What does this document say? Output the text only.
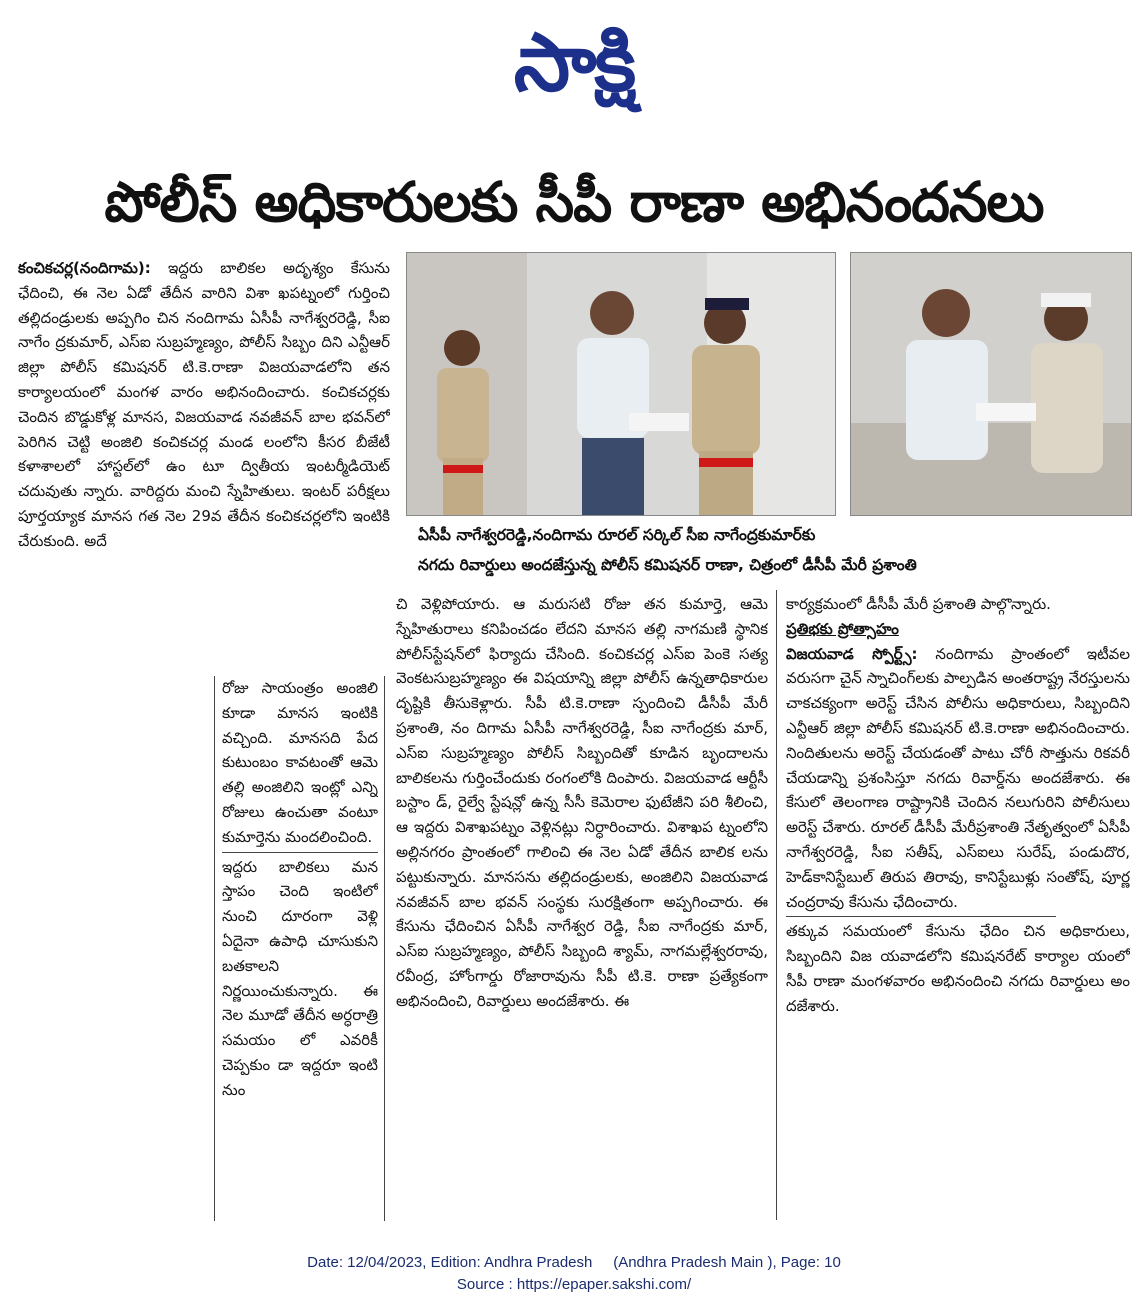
సాక్షి
పోలీస్ అధికారులకు సీపీ రాణా అభినందనలు
ఏసీపీ నాగేశ్వరరెడ్డి,నందిగామ రూరల్ సర్కిల్ సీఐ నాగేంద్రకుమార్‌కు
నగదు రివార్డులు అందజేస్తున్న పోలీస్ కమిషనర్ రాణా, చిత్రంలో డీసీపీ మేరీ ప్రశాంతి
కంచికచర్ల(నందిగామ): ఇద్దరు బాలికల అదృశ్యం కేసును ఛేదించి, ఈ నెల ఏడో తేదీన వారిని విశా ఖపట్నంలో గుర్తించి తల్లిదండ్రులకు అప్పగిం చిన నందిగామ ఏసీపీ నాగేశ్వరరెడ్డి, సీఐ నాగేం ద్రకుమార్, ఎస్ఐ సుబ్రహ్మణ్యం, పోలీస్ సిబ్బం దిని ఎన్టీఆర్ జిల్లా పోలీస్ కమిషనర్ టి.కె.రాణా విజయవాడలోని తన కార్యాలయంలో మంగళ వారం అభినందించారు. కంచికచర్లకు చెందిన బొడ్డుకోళ్ల మానస, విజయవాడ నవజీవన్ బాల భవన్‌లో పెరిగిన చెట్టి అంజిలి కంచికచర్ల మండ లంలోని కీసర బీజేటీ కళాశాలలో హాస్టల్‌లో ఉం టూ ద్వితీయ ఇంటర్మీడియెట్ చదువుతు న్నారు. వారిద్దరు మంచి స్నేహితులు. ఇంటర్ పరీక్షలు పూర్తయ్యాక మానస గత నెల 29వ తేదీన కంచికచర్లలోని ఇంటికి చేరుకుంది. అదే
రోజు సాయంత్రం అంజిలి కూడా మానస ఇంటికి వచ్చింది. మానసది పేద కుటుంబం కావటంతో ఆమె తల్లి అంజిలిని ఇంట్లో ఎన్ని రోజులు ఉంచుతా వంటూ కుమార్తెను మందలించింది.
ఇద్దరు బాలికలు మన స్తాపం చెంది ఇంటిలో నుంచి దూరంగా వెళ్లి ఏదైనా ఉపాధి చూసుకుని బతకాలని నిర్ణయించుకున్నారు. ఈ నెల మూడో తేదీన అర్ధరాత్రి సమయం లో ఎవరికీ చెప్పకుం డా ఇద్దరూ ఇంటి నుం
చి వెళ్లిపోయారు. ఆ మరుసటి రోజు తన కుమార్తె, ఆమె స్నేహితురాలు కనిపించడం లేదని మానస తల్లి నాగమణి స్థానిక పోలీస్‌స్టేషన్‌లో ఫిర్యాదు చేసింది. కంచికచర్ల ఎస్ఐ పెంకె సత్య వెంకటసుబ్రహ్మణ్యం ఈ విషయాన్ని జిల్లా పోలీస్ ఉన్నతాధికారుల దృష్టికి తీసుకెళ్లారు. సీపీ టి.కె.రాణా స్పందించి డీసీపీ మేరీ ప్రశాంతి, నం దిగామ ఏసీపీ నాగేశ్వరరెడ్డి, సీఐ నాగేంద్రకు మార్, ఎస్ఐ సుబ్రహ్మణ్యం పోలీస్ సిబ్బందితో కూడిన బృందాలను బాలికలను గుర్తించేందుకు రంగంలోకి దింపారు. విజయవాడ ఆర్టీసీ బస్టాం డ్, రైల్వే స్టేషన్లో ఉన్న సీసీ కెమెరాల ఫుటేజీని పరి శీలించి, ఆ ఇద్దరు విశాఖపట్నం వెళ్లినట్లు నిర్ధారించారు. విశాఖప ట్నంలోని అల్లినగరం ప్రాంతంలో గాలించి ఈ నెల ఏడో తేదీన బాలిక లను పట్టుకున్నారు. మానసను తల్లిదండ్రులకు, అంజిలిని విజయవాడ నవజీవన్ బాల భవన్ సంస్థకు సురక్షితంగా అప్పగించారు. ఈ కేసును ఛేదించిన ఏసీపీ నాగేశ్వర రెడ్డి, సీఐ నాగేంద్రకు మార్, ఎస్ఐ సుబ్రహ్మణ్యం, పోలీస్ సిబ్బంది శ్యామ్, నాగమల్లేశ్వరరావు, రవీంద్ర, హోంగార్డు రోజారావును సీపీ టి.కె. రాణా ప్రత్యేకంగా అభినందించి, రివార్డులు అందజేశారు. ఈ
కార్యక్రమంలో డీసీపీ మేరీ ప్రశాంతి పాల్గొన్నారు.
ప్రతిభకు ప్రోత్సాహం
విజయవాడ స్పోర్ట్స్: నందిగామ ప్రాంతంలో ఇటీవల వరుసగా చైన్ స్నాచింగ్‌లకు పాల్పడిన అంతరాష్ట్ర నేరస్తులను చాకచక్యంగా అరెస్ట్ చేసిన పోలీసు అధికారులు, సిబ్బందిని ఎన్టీఆర్ జిల్లా పోలీస్ కమిషనర్ టి.కె.రాణా అభినందించారు. నిందితులను అరెస్ట్ చేయడంతో పాటు చోరీ సొత్తును రికవరీ చేయడాన్ని ప్రశంసిస్తూ నగదు రివార్డ్‌ను అందజేశారు. ఈ కేసులో తెలంగాణ రాష్ట్రానికి చెందిన నలుగురిని పోలీసులు అరెస్ట్ చేశారు. రూరల్ డీసీపీ మేరీప్రశాంతి నేతృత్వంలో ఏసీపీ నాగేశ్వరరెడ్డి, సీఐ సతీష్, ఎస్ఐలు సురేష్, పండుదొర, హెడ్‌కానిస్టేబుల్ తిరుప తిరావు, కానిస్టేబుళ్లు సంతోష్, పూర్ణ చంద్రరావు కేసును ఛేదించారు.
తక్కువ సమయంలో కేసును ఛేదిం చిన అధికారులు, సిబ్బందిని విజ యవాడలోని కమిషనరేట్ కార్యాల యంలో సీపీ రాణా మంగళవారం అభినందించి నగదు రివార్డులు అం దజేశారు.
Date: 12/04/2023, Edition: Andhra Pradesh     (Andhra Pradesh Main ), Page: 10
Source : https://epaper.sakshi.com/
